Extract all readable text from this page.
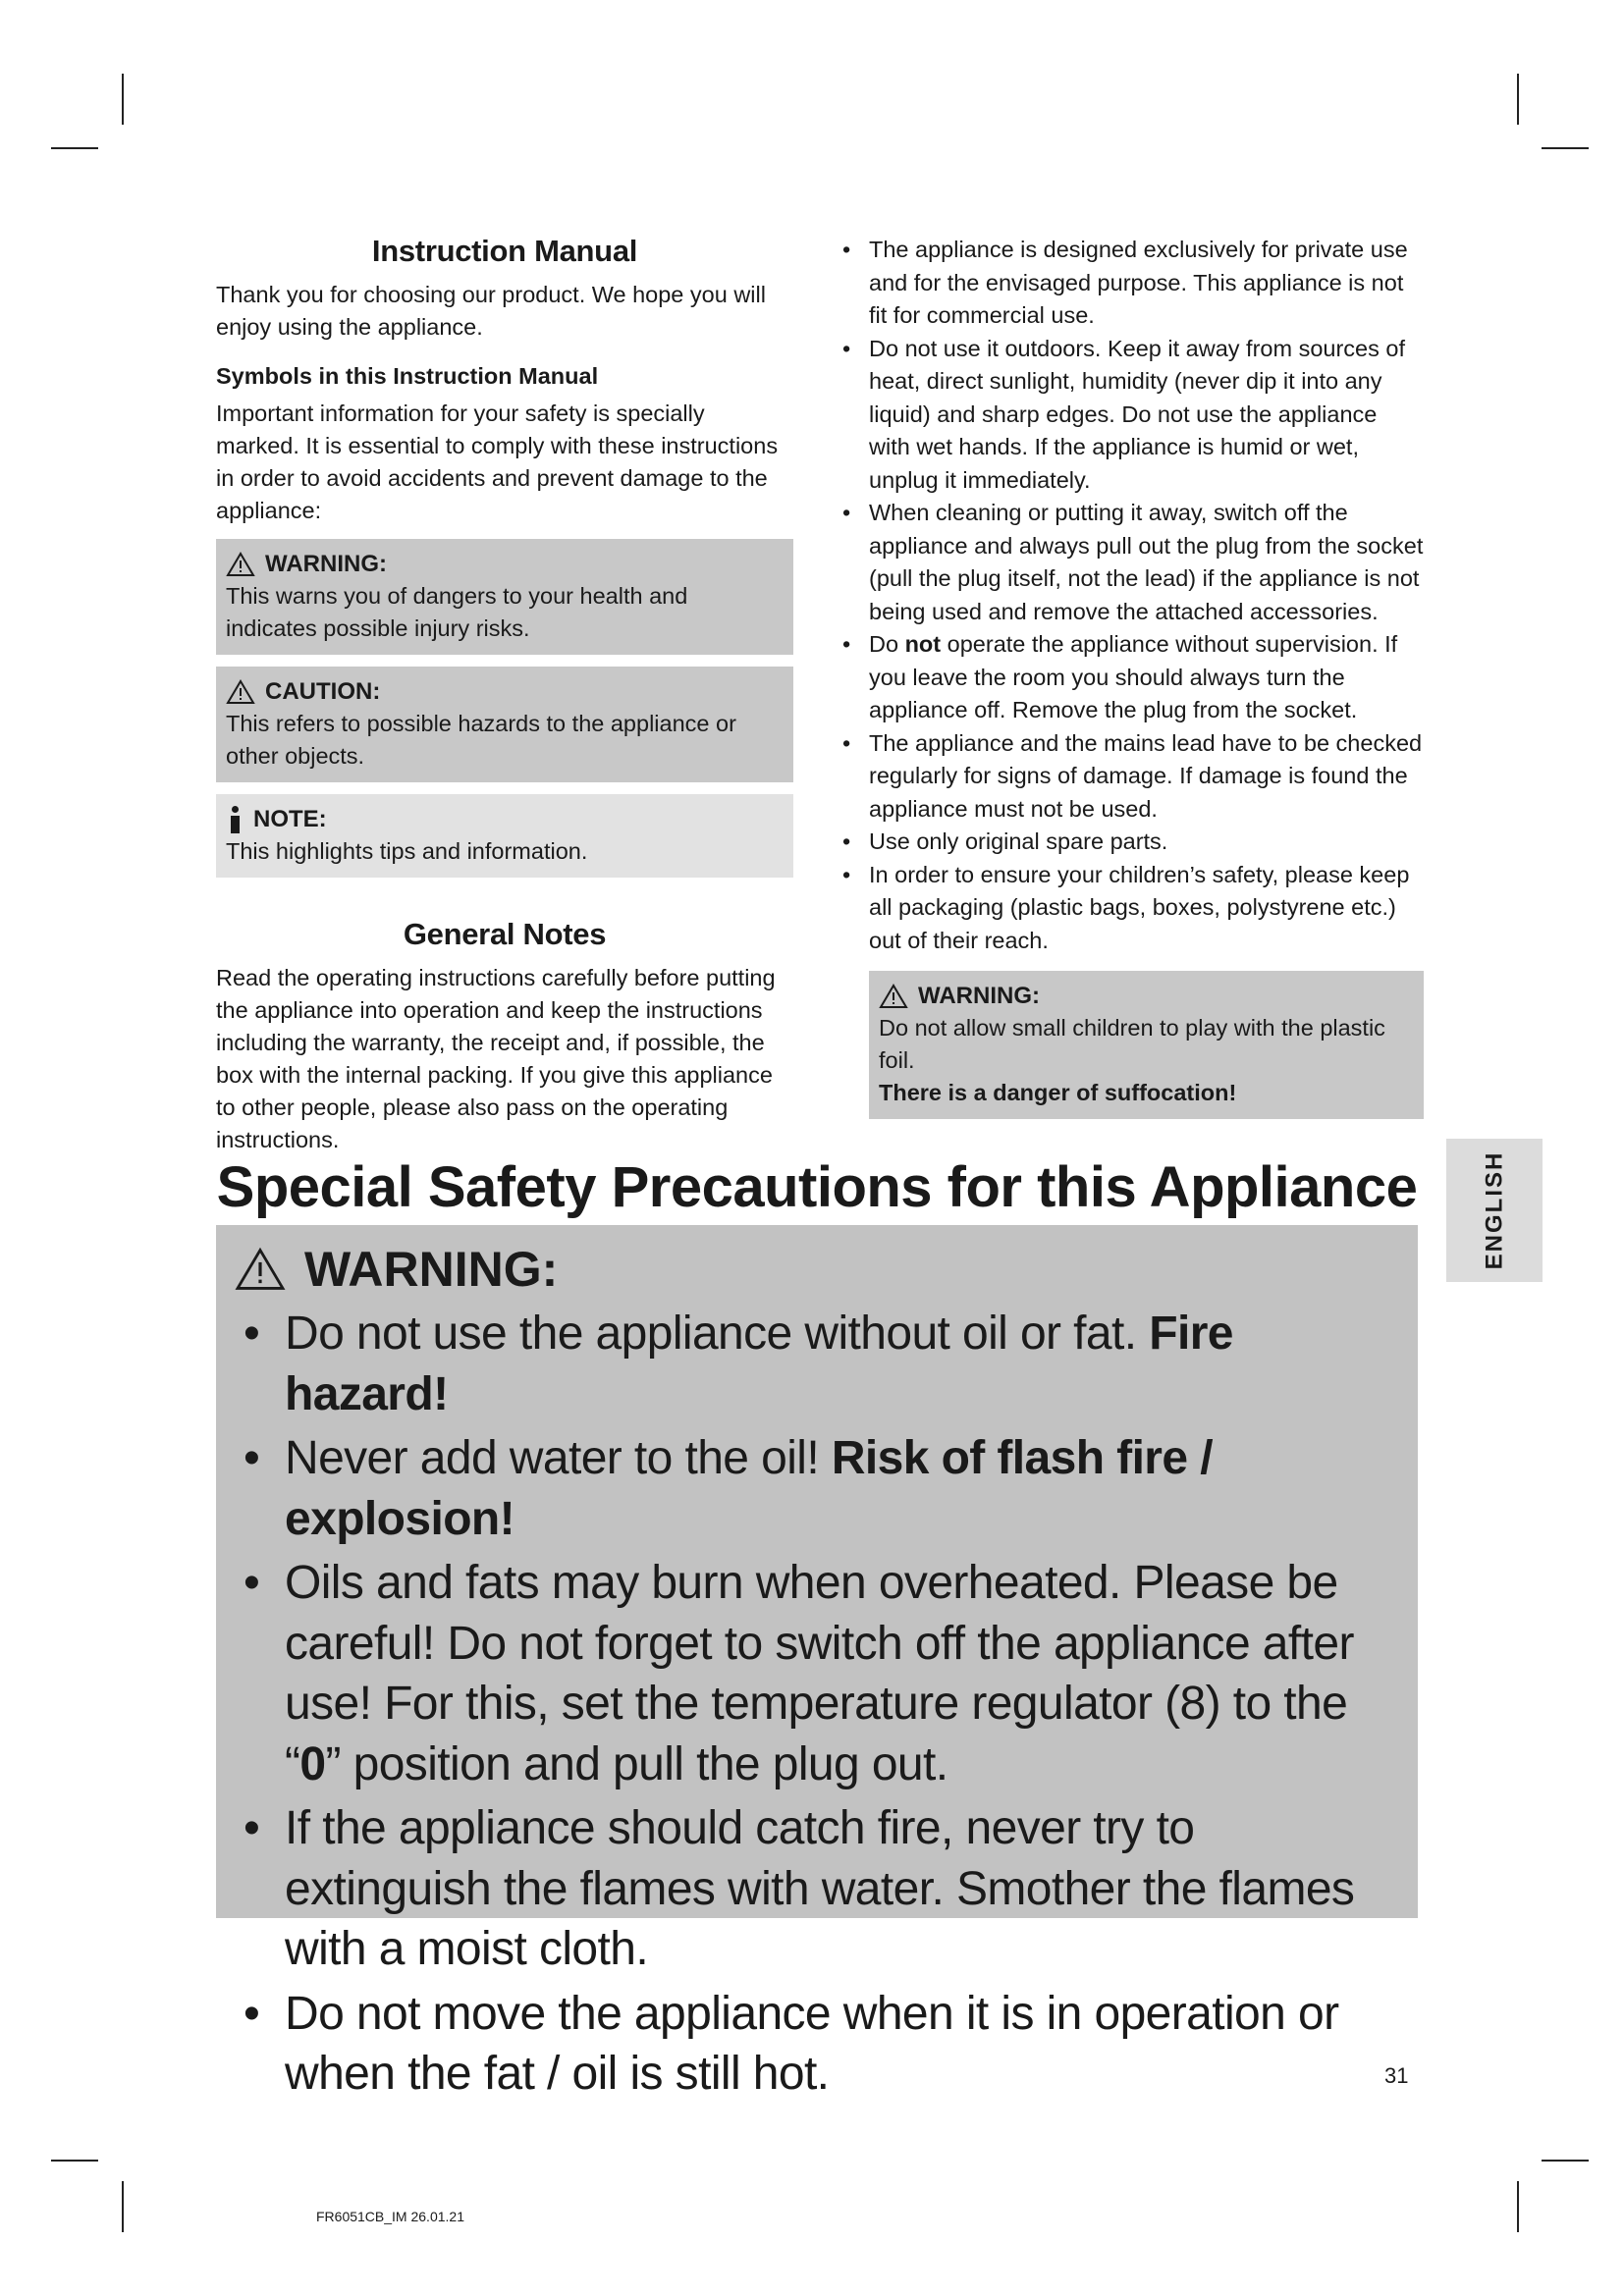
Instruction Manual

Thank you for choosing our product. We hope you will enjoy using the appliance.

Symbols in this Instruction Manual

Important information for your safety is specially marked. It is essential to comply with these instructions in order to avoid accidents and prevent damage to the appliance:

WARNING:
This warns you of dangers to your health and indicates possible injury risks.
CAUTION:
This refers to possible hazards to the appliance or other objects.
NOTE:
This highlights tips and information.
General Notes

Read the operating instructions carefully before putting the appliance into operation and keep the instructions including the warranty, the receipt and, if possible, the box with the internal packing. If you give this appliance to other people, please also pass on the operating instructions.

• The appliance is designed exclusively for private use and for the envisaged purpose. This appliance is not fit for commercial use.
• Do not use it outdoors. Keep it away from sources of heat, direct sunlight, humidity (never dip it into any liquid) and sharp edges. Do not use the appliance with wet hands. If the appliance is humid or wet, unplug it immediately.
• When cleaning or putting it away, switch off the appliance and always pull out the plug from the socket (pull the plug itself, not the lead) if the appliance is not being used and remove the attached accessories.
• Do not operate the appliance without supervision. If you leave the room you should always turn the appliance off. Remove the plug from the socket.
• The appliance and the mains lead have to be checked regularly for signs of damage. If damage is found the appliance must not be used.
• Use only original spare parts.
• In order to ensure your children’s safety, please keep all packaging (plastic bags, boxes, polystyrene etc.) out of their reach.
WARNING:
Do not allow small children to play with the plastic foil.
There is a danger of suffocation!
ENGLISH
Special Safety Precautions for this Appliance
WARNING:
• Do not use the appliance without oil or fat. Fire hazard!
• Never add water to the oil! Risk of flash fire / explosion!
• Oils and fats may burn when overheated. Please be careful! Do not forget to switch off the appliance after use! For this, set the temperature regulator (8) to the “0” position and pull the plug out.
• If the appliance should catch fire, never try to extinguish the flames with water. Smother the flames with a moist cloth.
• Do not move the appliance when it is in operation or when the fat / oil is still hot.	31
FR6051CB_IM 26.01.21
